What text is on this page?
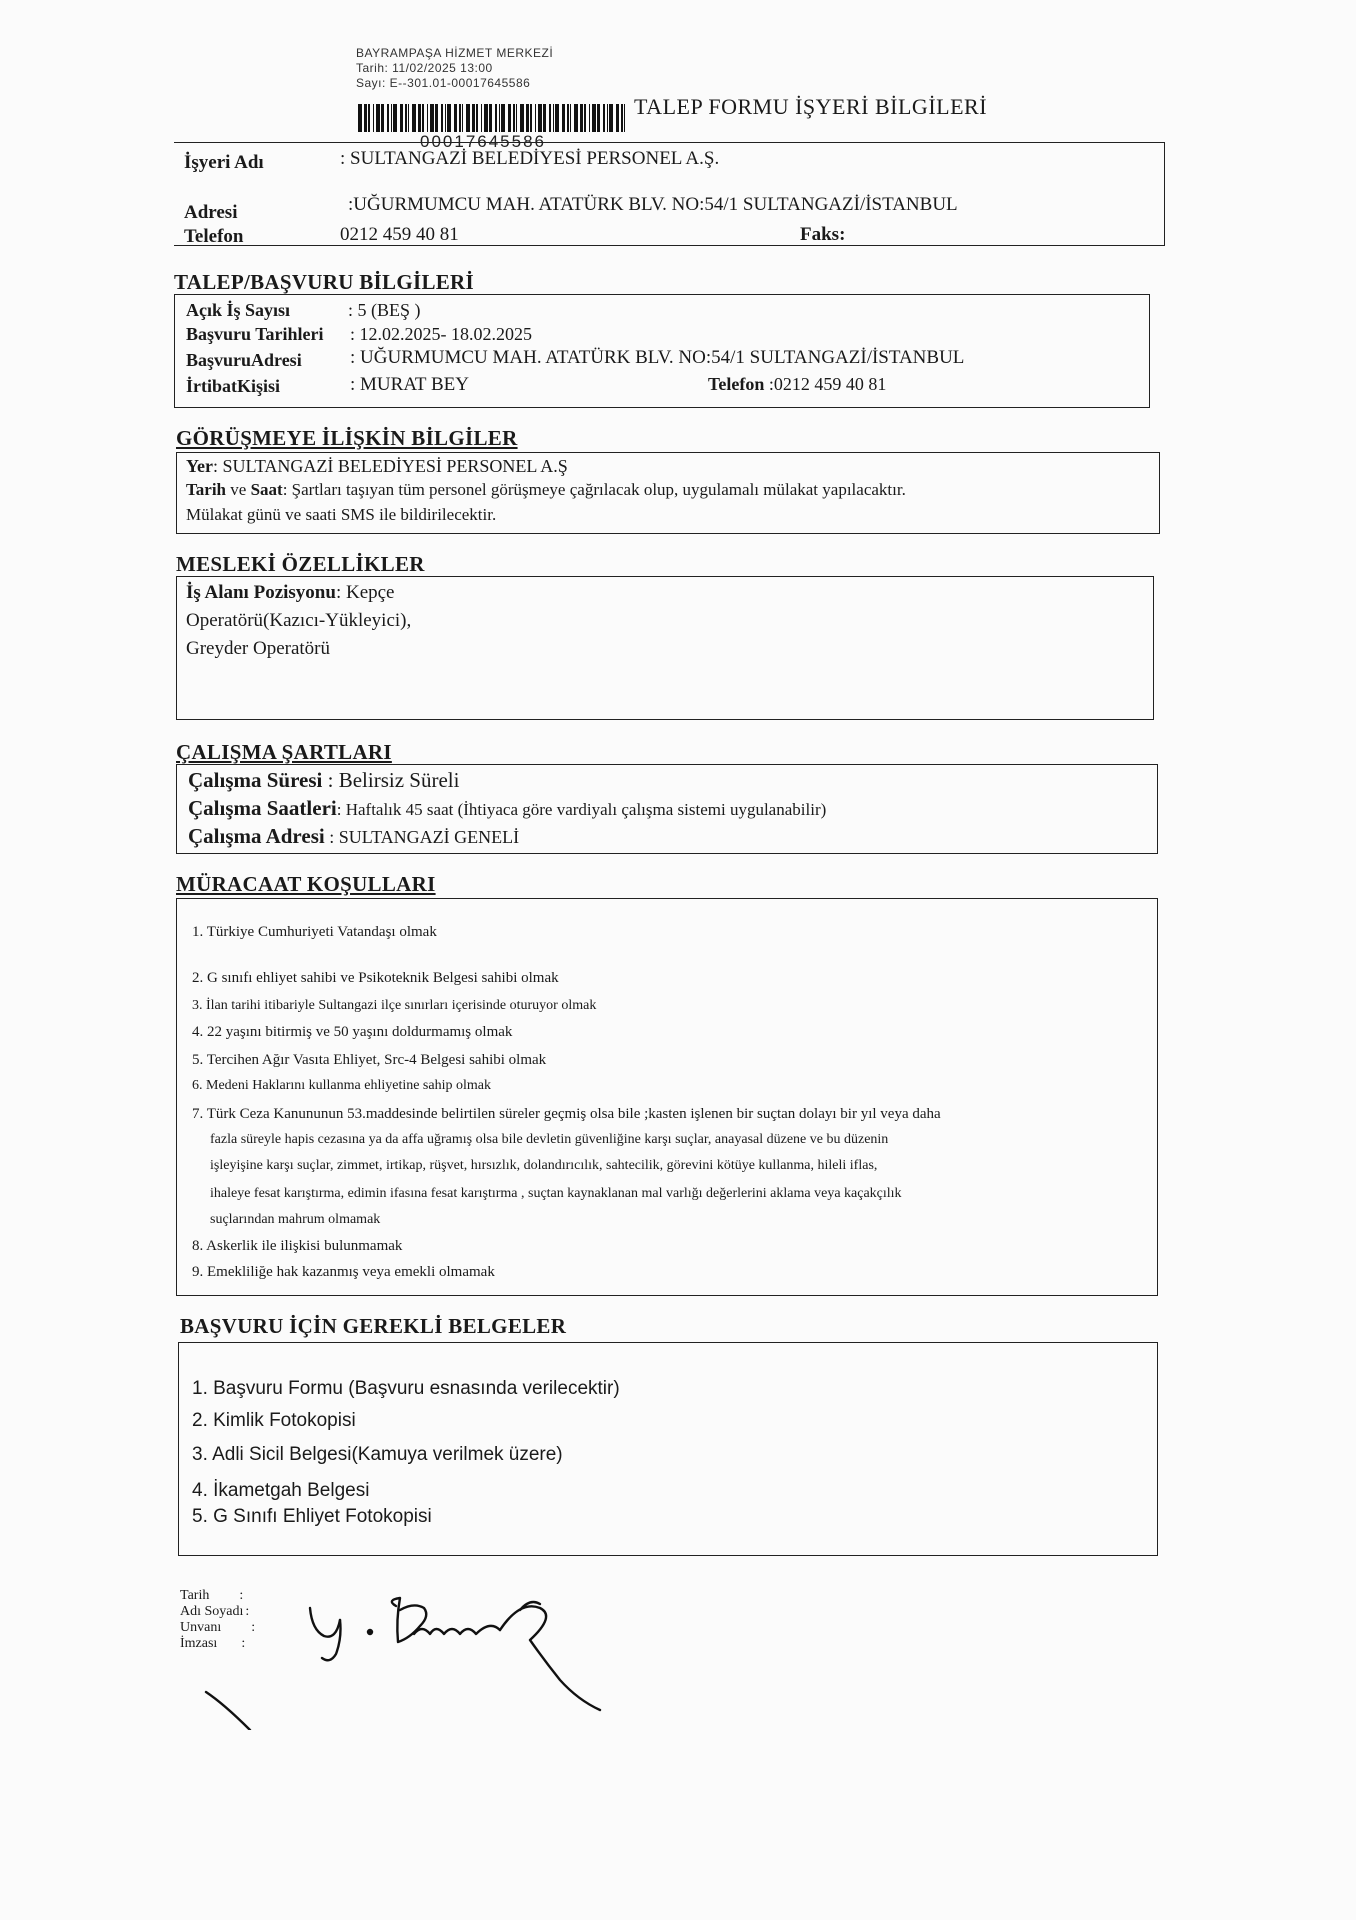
BAYRAMPAŞA HİZMET MERKEZİ
Tarih: 11/02/2025 13:00
Sayı: E--301.01-00017645586
00017645586
TALEP FORMU İŞYERİ BİLGİLERİ
İşyeri Adı	: SULTANGAZİ BELEDİYESİ PERSONEL A.Ş.
Adresi	:UĞURMUMCU MAH. ATATÜRK BLV. NO:54/1 SULTANGAZİ/İSTANBUL
Telefon	0212 459 40 81	Faks:
TALEP/BAŞVURU BİLGİLERİ
Açık İş Sayısı	: 5 (BEŞ )
Başvuru Tarihleri : 12.02.2025- 18.02.2025
BaşvuruAdresi	: UĞURMUMCU MAH. ATATÜRK BLV. NO:54/1 SULTANGAZİ/İSTANBUL
İrtibatKişisi	: MURAT BEY	Telefon :0212 459 40 81
GÖRÜŞMEYE İLİŞKİN BİLGİLER
Yer: SULTANGAZİ BELEDİYESİ PERSONEL A.Ş
Tarih ve Saat: Şartları taşıyan tüm personel görüşmeye çağrılacak olup, uygulamalı mülakat yapılacaktır.
Mülakat günü ve saati SMS ile bildirilecektir.
MESLEKİ ÖZELLİKLER
İş Alanı Pozisyonu: Kepçe
Operatörü(Kazıcı-Yükleyici),
Greyder Operatörü
ÇALIŞMA ŞARTLARI
Çalışma Süresi : Belirsiz Süreli
Çalışma Saatleri: Haftalık 45 saat (İhtiyaca göre vardiyalı çalışma sistemi uygulanabilir)
Çalışma Adresi : SULTANGAZİ GENELİ
MÜRACAAT KOŞULLARI
1. Türkiye Cumhuriyeti Vatandaşı olmak
2. G sınıfı ehliyet sahibi ve Psikoteknik Belgesi sahibi olmak
3. İlan tarihi itibariyle Sultangazi ilçe sınırları içerisinde oturuyor olmak
4. 22 yaşını bitirmiş ve 50 yaşını doldurmamış olmak
5. Tercihen Ağır Vasıta Ehliyet, Src-4 Belgesi sahibi olmak
6. Medeni Haklarını kullanma ehliyetine sahip olmak
7. Türk Ceza Kanununun 53.maddesinde belirtilen süreler geçmiş olsa bile ;kasten işlenen bir suçtan dolayı bir yıl veya daha
fazla süreyle hapis cezasına ya da affa uğramış olsa bile devletin güvenliğine karşı suçlar, anayasal düzene ve bu düzenin
işleyişine karşı suçlar, zimmet, irtikap, rüşvet, hırsızlık, dolandırıcılık, sahtecilik, görevini kötüye kullanma, hileli iflas,
ihaleye fesat karıştırma, edimin ifasına fesat karıştırma , suçtan kaynaklanan mal varlığı değerlerini aklama veya kaçakçılık
suçlarından mahrum olmamak
8. Askerlik ile ilişkisi bulunmamak
9. Emekliliğe hak kazanmış veya emekli olmamak
BAŞVURU İÇİN GEREKLİ BELGELER
1. Başvuru Formu (Başvuru esnasında verilecektir)
2. Kimlik Fotokopisi
3. Adli Sicil Belgesi(Kamuya verilmek üzere)
4. İkametgah Belgesi
5. G Sınıfı Ehliyet Fotokopisi
Tarih :
Adı Soyadı :
Unvanı :
İmzası :
